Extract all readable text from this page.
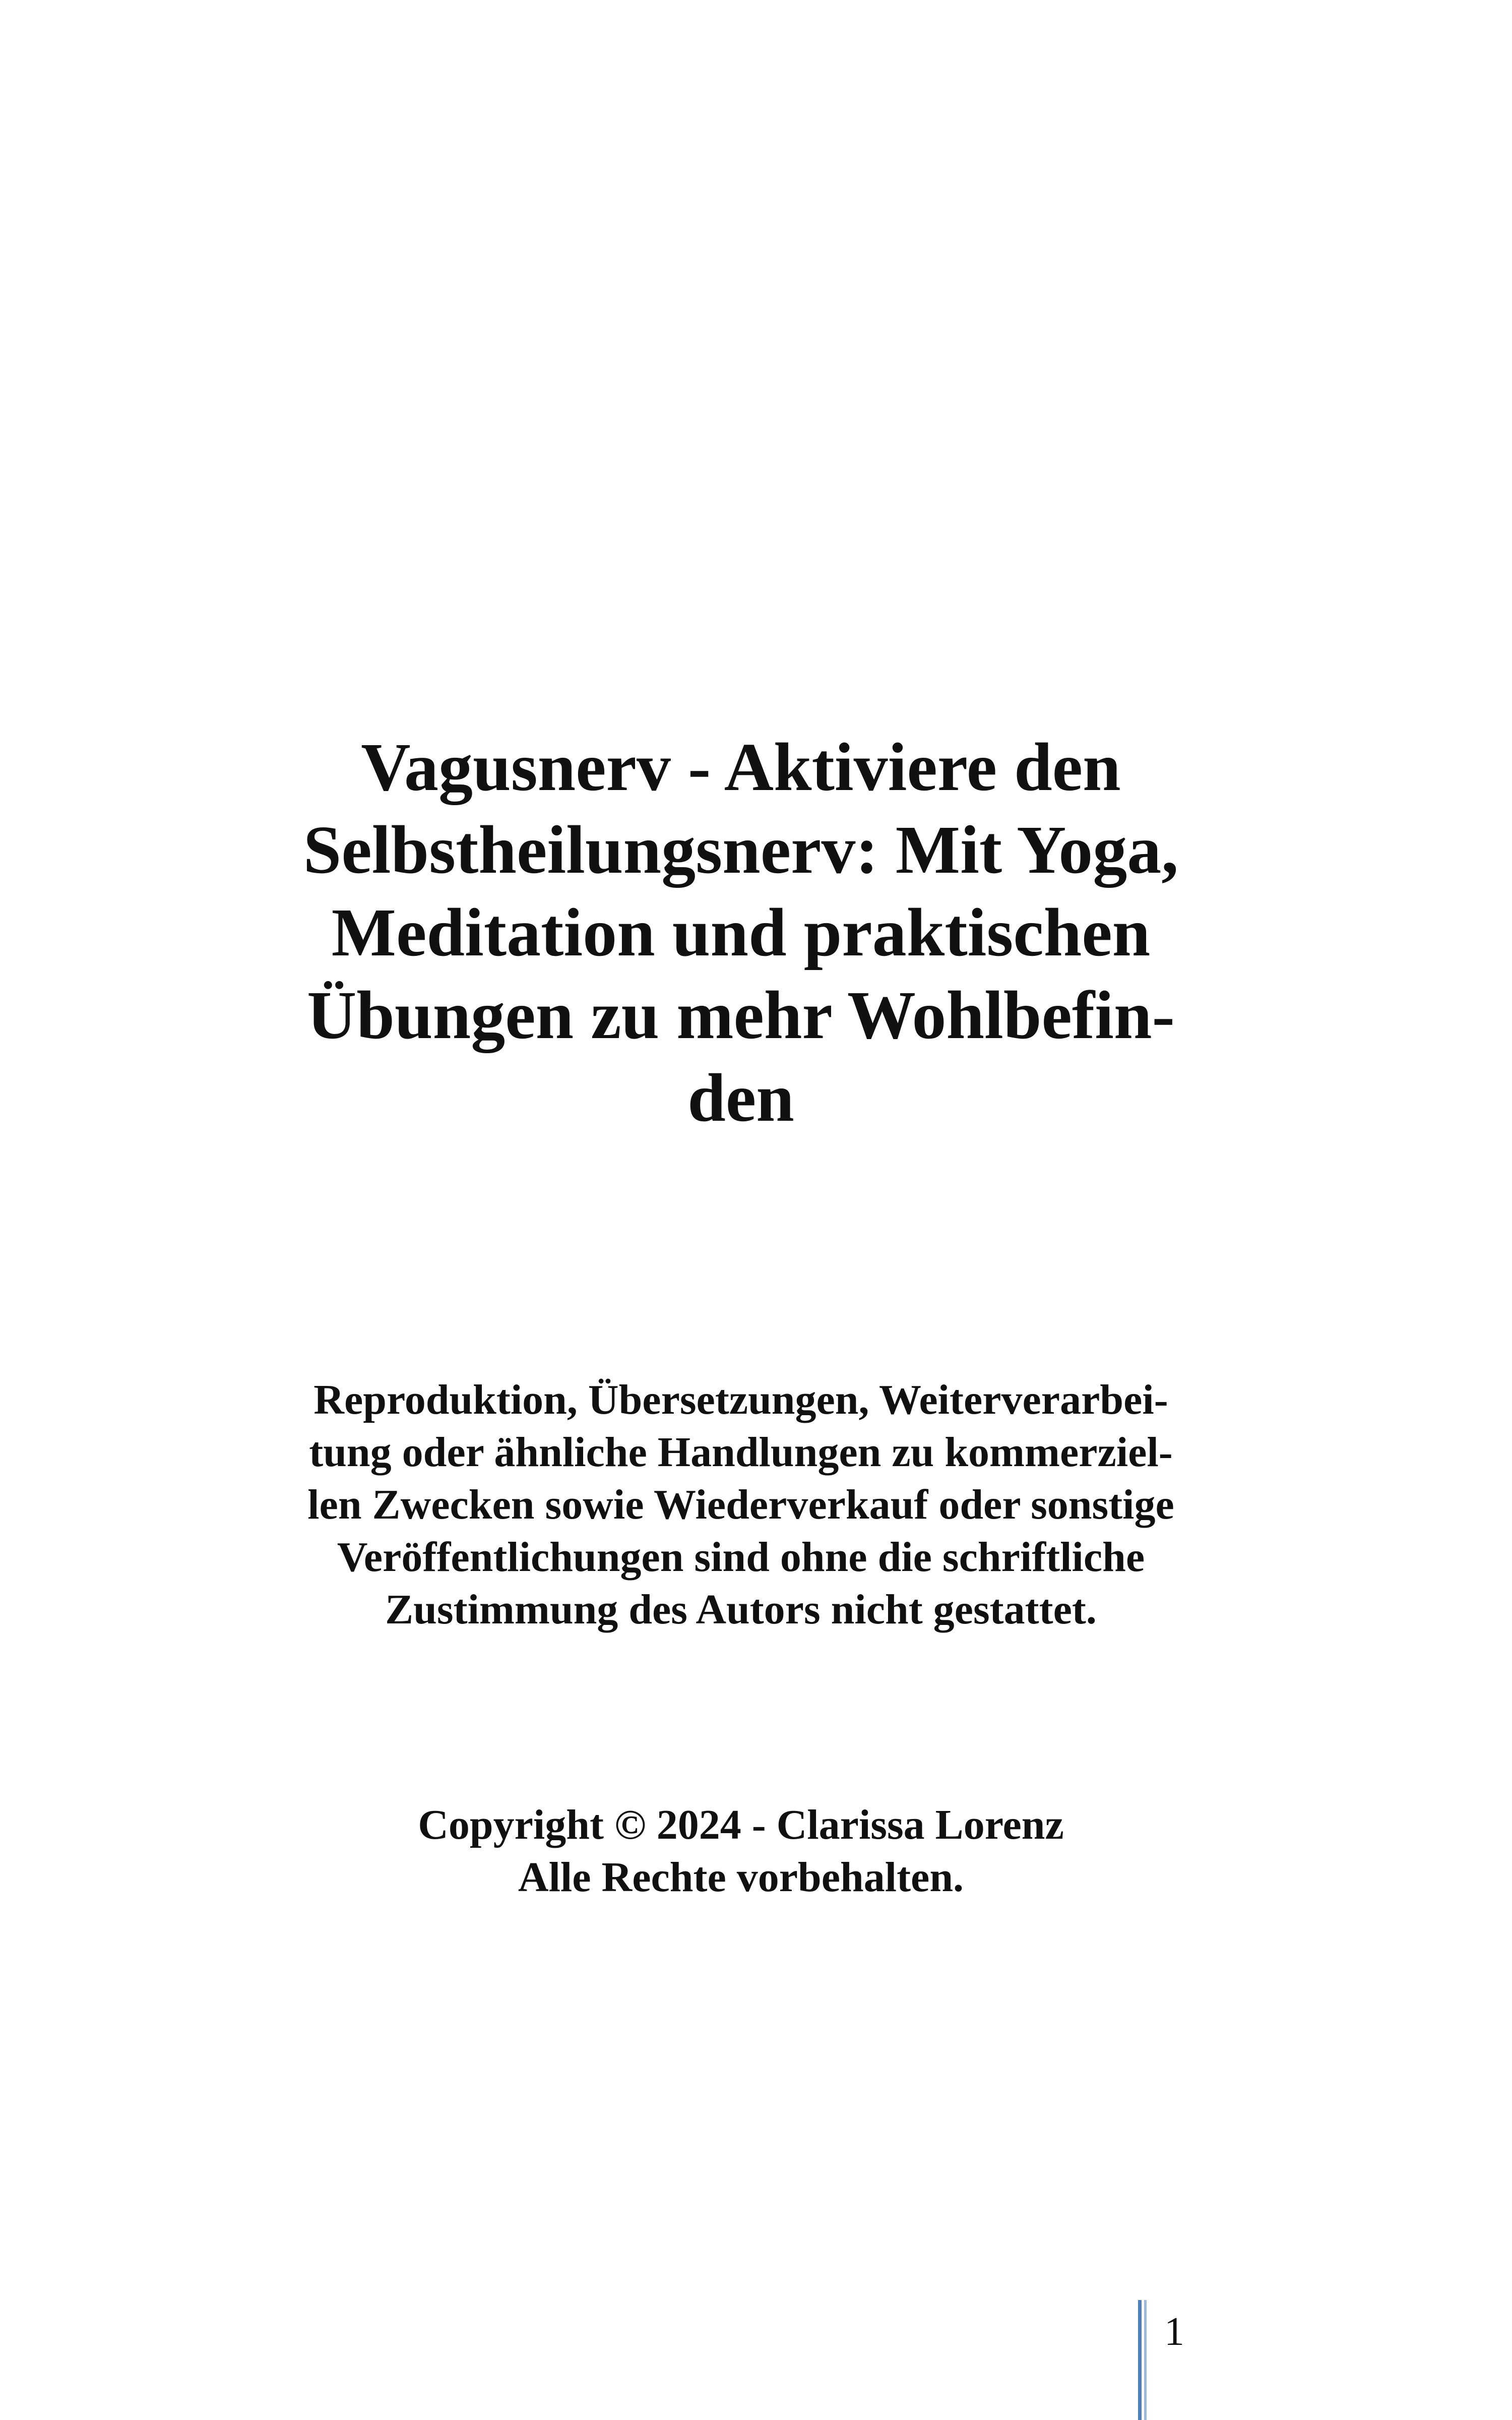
Vagusnerv - Aktiviere den
Selbstheilungsnerv: Mit Yoga,
Meditation und praktischen
Übungen zu mehr Wohlbefin-
den
Reproduktion, Übersetzungen, Weiterverarbei-
tung oder ähnliche Handlungen zu kommerziel-
len Zwecken sowie Wiederverkauf oder sonstige
Veröffentlichungen sind ohne die schriftliche
Zustimmung des Autors nicht gestattet.
Copyright © 2024 - Clarissa Lorenz
Alle Rechte vorbehalten.
1
